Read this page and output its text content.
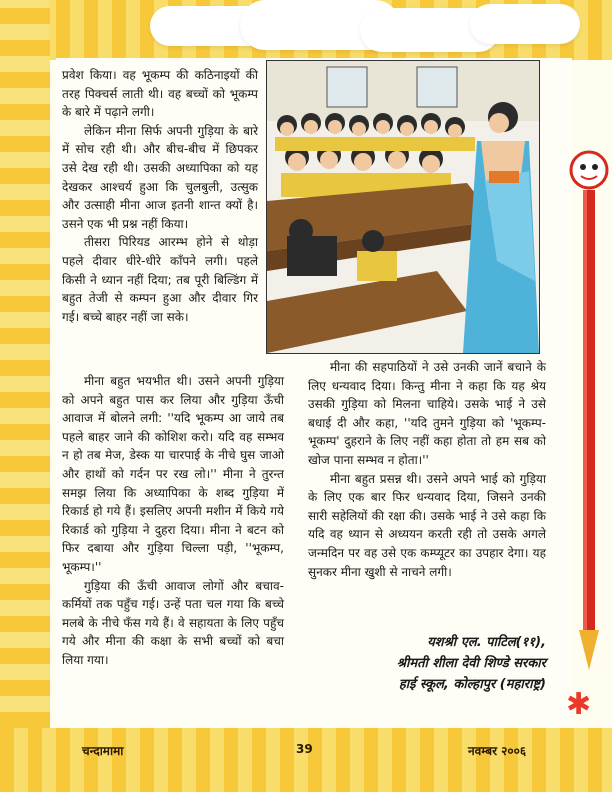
प्रवेश किया। वह भूकम्प की कठिनाइयों की तरह पिक्चर्स लाती थी। वह बच्चों को भूकम्प के बारे में पढ़ाने लगी।

लेकिन मीना सिर्फ अपनी गुड़िया के बारे में सोच रही थी। और बीच-बीच में छिपकर उसे देख रही थी। उसकी अध्यापिका को यह देखकर आश्चर्य हुआ कि चुलबुली, उत्सुक और उत्साही मीना आज इतनी शान्त क्यों है। उसने एक भी प्रश्न नहीं किया।

तीसरा पिरियड आरम्भ होने से थोड़ा पहले दीवार धीरे-धीरे काँपने लगी। पहले किसी ने ध्यान नहीं दिया; तब पूरी बिल्डिंग में बहुत तेजी से कम्पन हुआ और दीवार गिर गई। बच्चे बाहर नहीं जा सके।

मीना बहुत भयभीत थी। उसने अपनी गुड़िया को अपने बहुत पास कर लिया और गुड़िया ऊँची आवाज में बोलने लगी: ''यदि भूकम्प आ जाये तब पहले बाहर जाने की कोशिश करो। यदि वह सम्भव न हो तब मेज, डेस्क या चारपाई के नीचे घुस जाओ और हाथों को गर्दन पर रख लो।'' मीना ने तुरन्त समझ लिया कि अध्यापिका के शब्द गुड़िया में रिकार्ड हो गये हैं। इसलिए अपनी मशीन में किये गये रिकार्ड को गुड़िया ने दुहरा दिया। मीना ने बटन को फिर दबाया और गुड़िया चिल्ला पड़ी, ''भूकम्प, भूकम्प।''

गुड़िया की ऊँची आवाज लोगों और बचाव-कर्मियों तक पहुँच गई। उन्हें पता चल गया कि बच्चे मलबे के नीचे फँस गये हैं। वे सहायता के लिए पहुँच गये और मीना की कक्षा के सभी बच्चों को बचा लिया गया।

मीना की सहपाठियों ने उसे उनकी जानें बचाने के लिए धन्यवाद दिया। किन्तु मीना ने कहा कि यह श्रेय उसकी गुड़िया को मिलना चाहिये। उसके भाई ने उसे बधाई दी और कहा, ''यदि तुमने गुड़िया को 'भूकम्प-भूकम्प' दुहराने के लिए नहीं कहा होता तो हम सब को खोज पाना सम्भव न होता।''

मीना बहुत प्रसन्न थी। उसने अपने भाई को गुड़िया के लिए एक बार फिर धन्यवाद दिया, जिसने उनकी सारी सहेलियों की रक्षा की। उसके भाई ने उसे कहा कि यदि वह ध्यान से अध्ययन करती रही तो उसके अगले जन्मदिन पर वह उसे एक कम्प्यूटर का उपहार देगा। यह सुनकर मीना खुशी से नाचने लगी।

यशश्री एल. पाटिल(११),
श्रीमती शीला देवी शिण्डे सरकार
हाई स्कूल, कोल्हापुर (महाराष्ट्र)
✱
चन्दामामा	39	नवम्बर २००६
